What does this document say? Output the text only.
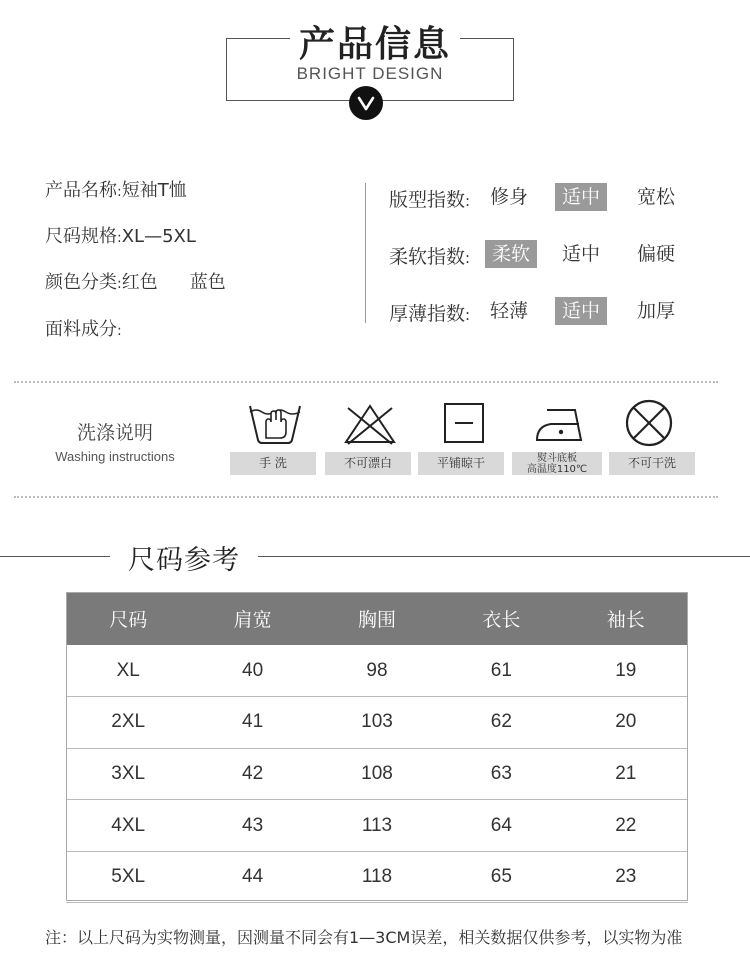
产品信息
BRIGHT DESIGN
产品名称:短袖T恤
尺码规格:XL—5XL
颜色分类:红色 蓝色
面料成分:
版型指数:	修身	适中	宽松
柔软指数:	柔软	适中	偏硬
厚薄指数:	轻薄	适中	加厚
洗涤说明
Washing instructions	手 洗	不可漂白	平铺晾干	熨斗底板
高温度110℃	不可干洗
尺码参考
尺码	肩宽	胸围	衣长	袖长
XL	40	98	61	19
2XL	41	103	62	20
3XL	42	108	63	21
4XL	43	113	64	22
5XL	44	118	65	23
注：以上尺码为实物测量，因测量不同会有1—3CM误差，相关数据仅供参考，以实物为准
